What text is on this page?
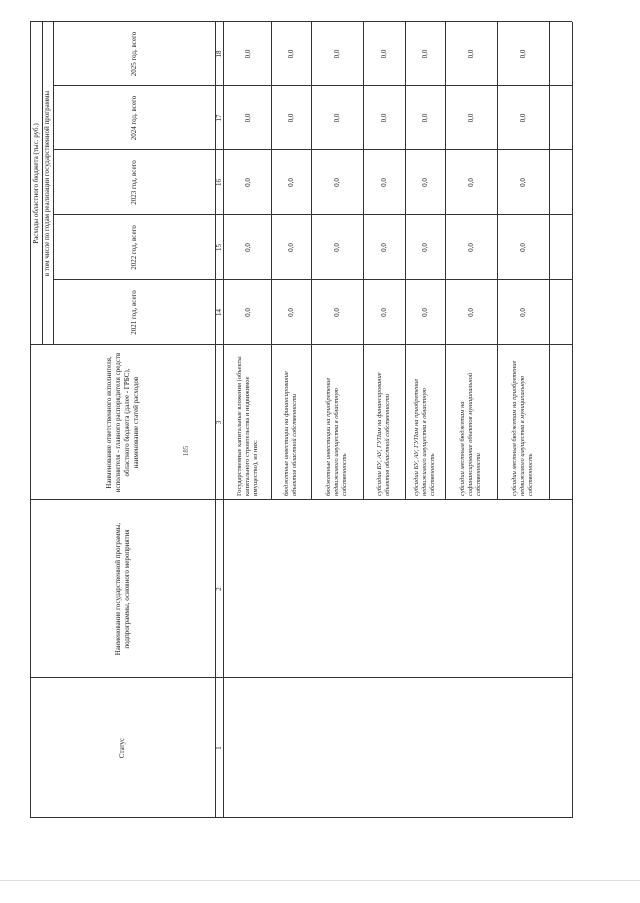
185
Статус
Наименование государственной программы, подпрограммы, основного мероприятия
Наименование ответственного исполнителя, исполнителя - главного распорядителя средств областного бюджета (далее - ГРБС), наименование статей расходов
Расходы областного бюджета (тыс. руб.) в том числе по годам реализации государственной программы
2021 год, всего
2022 год, всего
2023 год, всего
2024 год, всего
2025 год, всего
1
2
3
14
15
16
17
18
Государственные капитальные вложения (объекты капитального строительства и недвижимое имущество), из них:
0,0
0,0
0,0
0,0
0,0
бюджетные инвестиции на финансирование объектов областной собственности
0,0
0,0
0,0
0,0
0,0
бюджетные инвестиции на приобретение недвижимого имущества в областную собственность
0,0
0,0
0,0
0,0
0,0
субсидии БУ, АУ, ГУПам на финансирование объектов областной собственности
0,0
0,0
0,0
0,0
0,0
субсидии БУ, АУ, ГУПам на приобретение недвижимого имущества в областную собственность
0,0
0,0
0,0
0,0
0,0
субсидии местным бюджетам на софинансирование объектов муниципальной собственности
0,0
0,0
0,0
0,0
0,0
субсидии местным бюджетам на приобретение недвижимого имущества в муниципальную собственность
0,0
0,0
0,0
0,0
0,0
